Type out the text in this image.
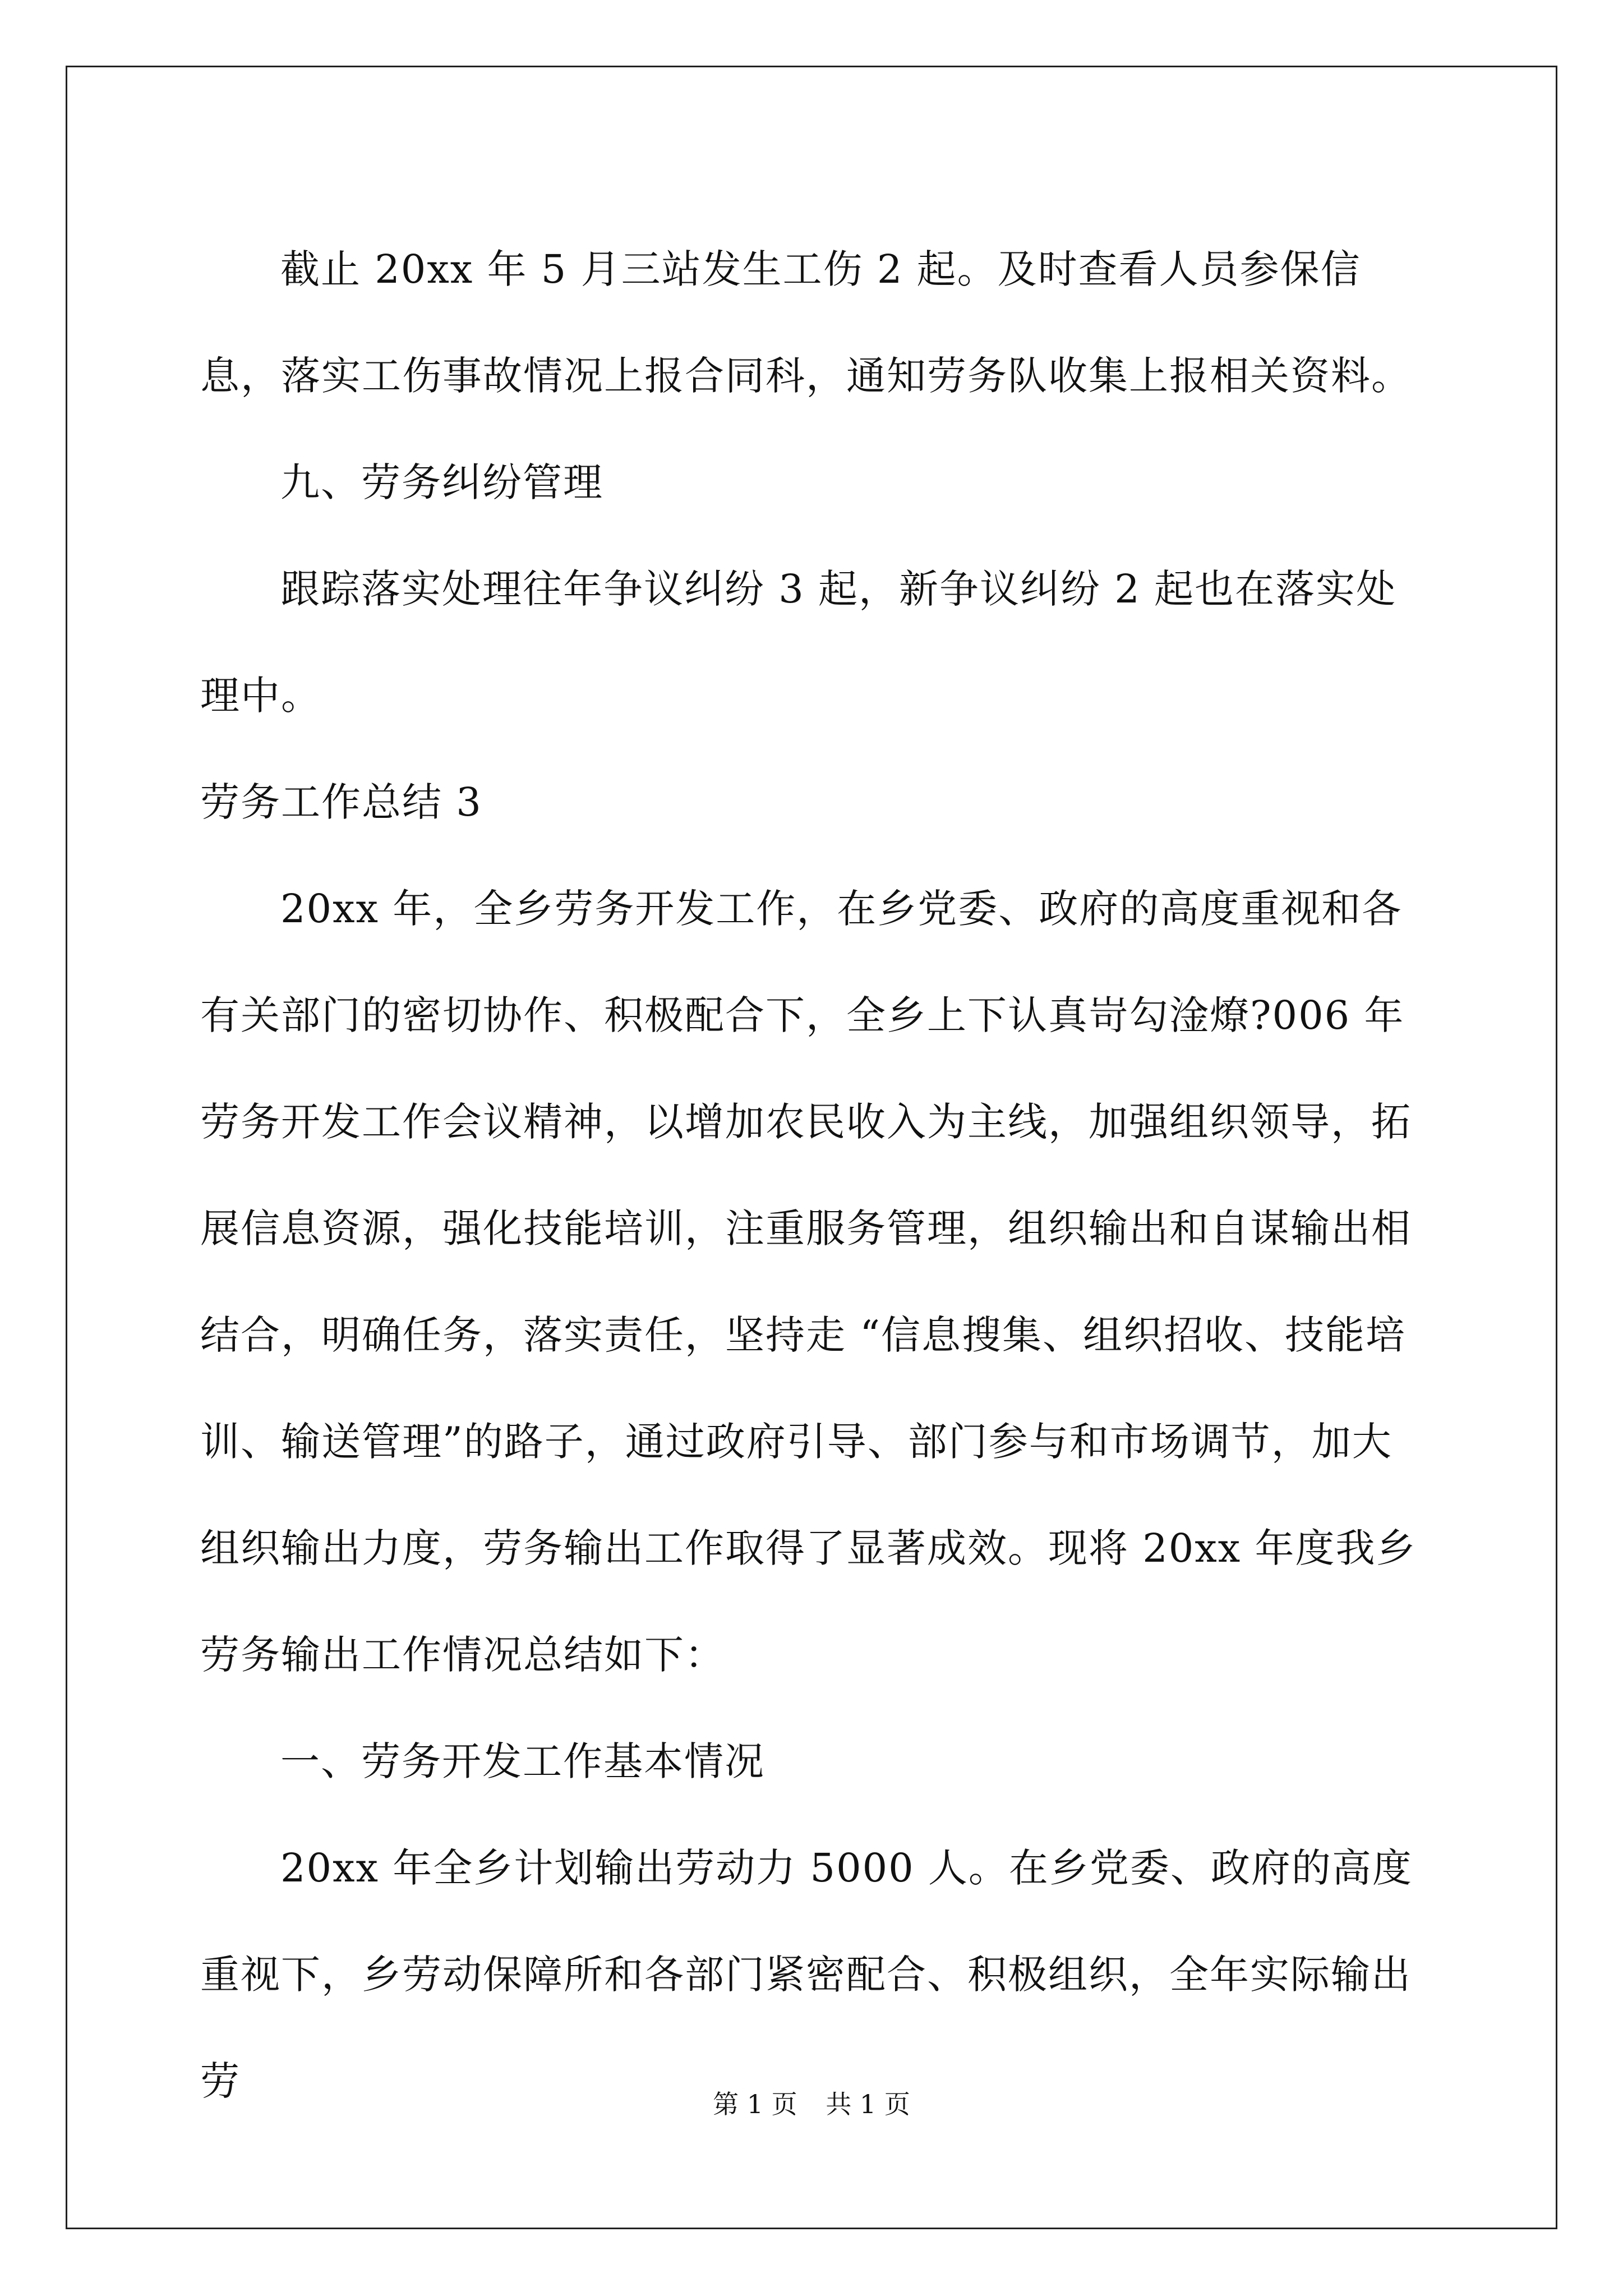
截止 20xx 年 5 月三站发生工伤 2 起。及时查看人员参保信息，落实工伤事故情况上报合同科，通知劳务队收集上报相关资料。

九、劳务纠纷管理

跟踪落实处理往年争议纠纷 3 起，新争议纠纷 2 起也在落实处理中。

劳务工作总结 3

20xx 年，全乡劳务开发工作，在乡党委、政府的高度重视和各有关部门的密切协作、积极配合下，全乡上下认真岢勾淦燎?006 年劳务开发工作会议精神，以增加农民收入为主线，加强组织领导，拓展信息资源，强化技能培训，注重服务管理，组织输出和自谋输出相结合，明确任务，落实责任，坚持走 “信息搜集、组织招收、技能培训、输送管理”的路子，通过政府引导、部门参与和市场调节，加大组织输出力度，劳务输出工作取得了显著成效。现将 20xx 年度我乡劳务输出工作情况总结如下：

一、劳务开发工作基本情况

20xx 年全乡计划输出劳动力 5000 人。在乡党委、政府的高度重视下，乡劳动保障所和各部门紧密配合、积极组织，全年实际输出劳	第 1 页 共 1 页
